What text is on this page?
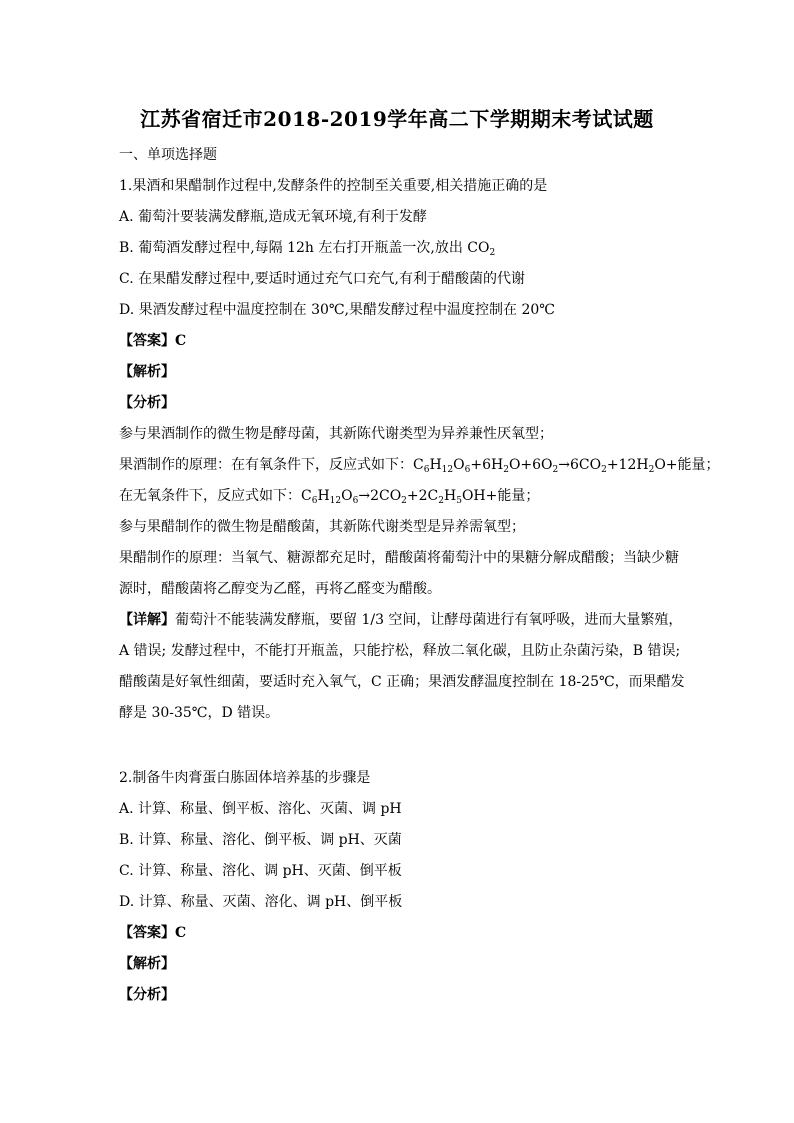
江苏省宿迁市2018-2019学年高二下学期期末考试试题
一、单项选择题
1.果酒和果醋制作过程中,发酵条件的控制至关重要,相关措施正确的是
A. 葡萄汁要装满发酵瓶,造成无氧环境,有利于发酵
B. 葡萄酒发酵过程中,每隔 12h 左右打开瓶盖一次,放出 $CO_2$
C. 在果醋发酵过程中,要适时通过充气口充气,有利于醋酸菌的代谢
D. 果酒发酵过程中温度控制在 30℃,果醋发酵过程中温度控制在 20℃
【答案】C
【解析】
【分析】
参与果酒制作的微生物是酵母菌，其新陈代谢类型为异养兼性厌氧型；
果酒制作的原理：在有氧条件下，反应式如下：$C_6H_{12}O_6+6H_2O+6O_2\to 6CO_2+12H_2O+$能量；
在无氧条件下，反应式如下：$C_6H_{12}O_6\to 2CO_2+2C_2H_5OH+$能量；
参与果醋制作的微生物是醋酸菌，其新陈代谢类型是异养需氧型；
果醋制作的原理：当氧气、糖源都充足时，醋酸菌将葡萄汁中的果糖分解成醋酸；当缺少糖
源时，醋酸菌将乙醇变为乙醛，再将乙醛变为醋酸。
【详解】葡萄汁不能装满发酵瓶，要留 1/3 空间，让酵母菌进行有氧呼吸，进而大量繁殖，
A 错误; 发酵过程中，不能打开瓶盖，只能拧松，释放二氧化碳，且防止杂菌污染，B 错误;
醋酸菌是好氧性细菌，要适时充入氧气，C 正确；果酒发酵温度控制在 18-25℃，而果醋发
酵是 30-35℃，D 错误。
2.制备牛肉膏蛋白胨固体培养基的步骤是
A. 计算、称量、倒平板、溶化、灭菌、调 pH
B. 计算、称量、溶化、倒平板、调 pH、灭菌
C. 计算、称量、溶化、调 pH、灭菌、倒平板
D. 计算、称量、灭菌、溶化、调 pH、倒平板
【答案】C
【解析】
【分析】
